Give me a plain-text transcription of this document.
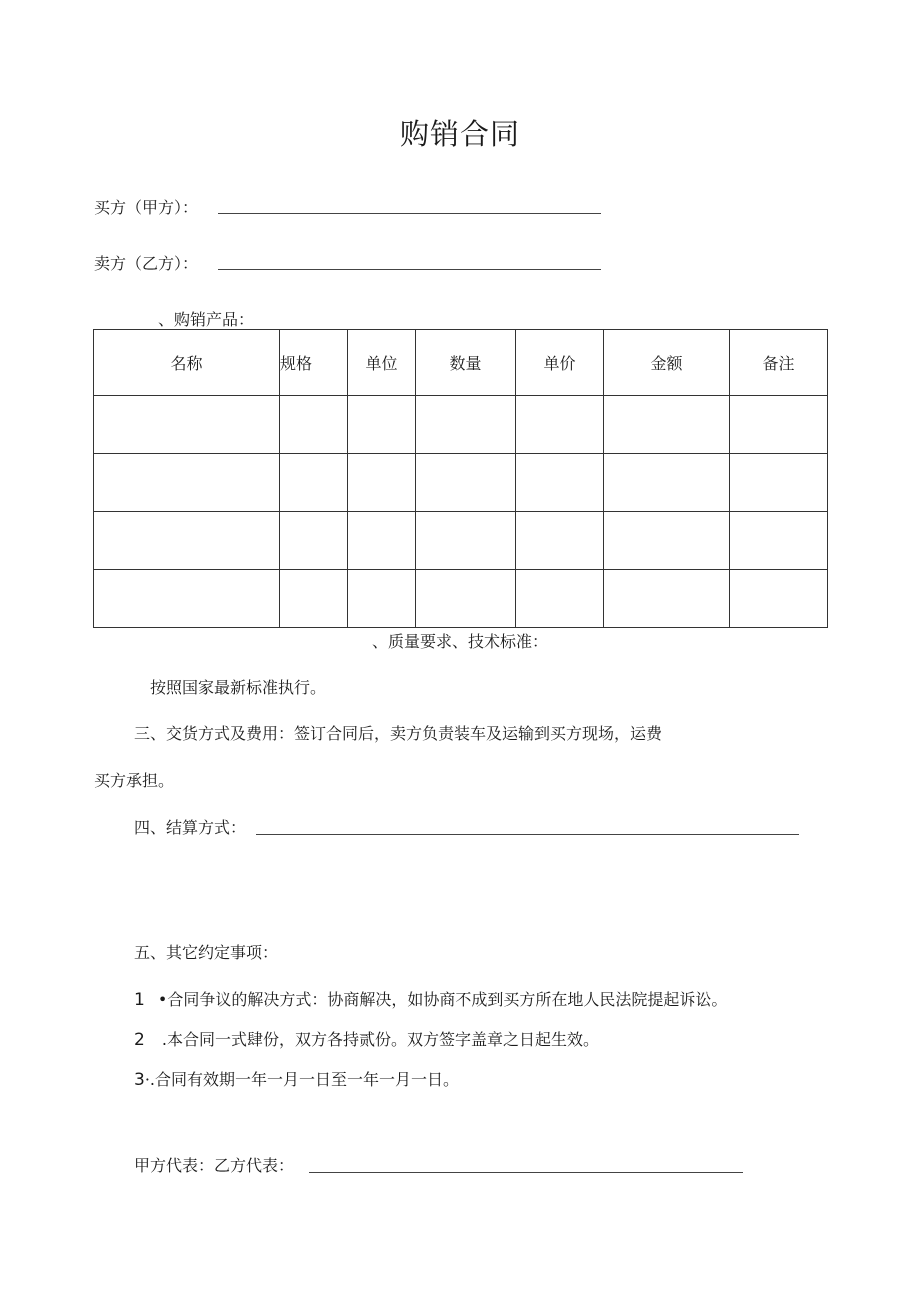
购销合同
买方（甲方）：
卖方（乙方）：
、购销产品：
名称	规格	单位	数量	单价	金额	备注

、质量要求、技术标准：
按照国家最新标准执行。
三、交货方式及费用：签订合同后，卖方负责装车及运输到买方现场，运费
买方承担。
四、结算方式：
五、其它约定事项：
1 •合同争议的解决方式：协商解决，如协商不成到买方所在地人民法院提起诉讼。
2 .本合同一式肆份，双方各持贰份。双方签字盖章之日起生效。
3·.合同有效期一年一月一日至一年一月一日。
甲方代表：乙方代表：
